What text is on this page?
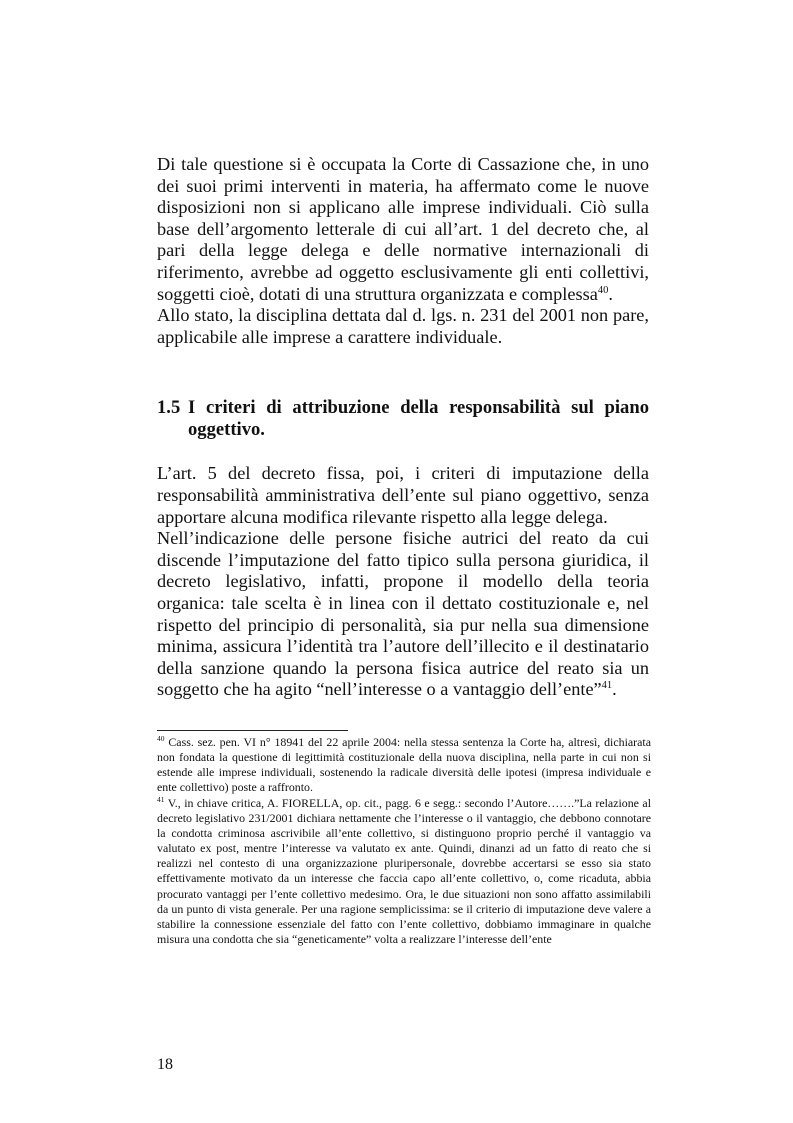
Di tale questione si è occupata la Corte di Cassazione che, in uno dei suoi primi interventi in materia, ha affermato come le nuove disposizioni non si applicano alle imprese individuali. Ciò sulla base dell’argomento letterale di cui all’art. 1 del decreto che, al pari della legge delega e delle normative internazionali di riferimento, avrebbe ad oggetto esclusivamente gli enti collettivi, soggetti cioè, dotati di una struttura organizzata e complessa$^{40}$.

Allo stato, la disciplina dettata dal d. lgs. n. 231 del 2001 non pare, applicabile alle imprese a carattere individuale.

1.5 I criteri di attribuzione della responsabilità sul piano oggettivo.

L’art. 5 del decreto fissa, poi, i criteri di imputazione della responsabilità amministrativa dell’ente sul piano oggettivo, senza apportare alcuna modifica rilevante rispetto alla legge delega.

Nell’indicazione delle persone fisiche autrici del reato da cui discende l’imputazione del fatto tipico sulla persona giuridica, il decreto legislativo, infatti, propone il modello della teoria organica: tale scelta è in linea con il dettato costituzionale e, nel rispetto del principio di personalità, sia pur nella sua dimensione minima, assicura l’identità tra l’autore dell’illecito e il destinatario della sanzione quando la persona fisica autrice del reato sia un soggetto che ha agito “nell’interesse o a vantaggio dell’ente”$^{41}$.

$^{40}$ Cass. sez. pen. VI n° 18941 del 22 aprile 2004: nella stessa sentenza la Corte ha, altresì, dichiarata non fondata la questione di legittimità costituzionale della nuova disciplina, nella parte in cui non si estende alle imprese individuali, sostenendo la radicale diversità delle ipotesi (impresa individuale e ente collettivo) poste a raffronto.

$^{41}$ V., in chiave critica, A. FIORELLA, op. cit., pagg. 6 e segg.: secondo l’Autore…….”La relazione al decreto legislativo 231/2001 dichiara nettamente che l’interesse o il vantaggio, che debbono connotare la condotta criminosa ascrivibile all’ente collettivo, si distinguono proprio perché il vantaggio va valutato ex post, mentre l’interesse va valutato ex ante. Quindi, dinanzi ad un fatto di reato che si realizzi nel contesto di una organizzazione pluripersonale, dovrebbe accertarsi se esso sia stato effettivamente motivato da un interesse che faccia capo all’ente collettivo, o, come ricaduta, abbia procurato vantaggi per l’ente collettivo medesimo. Ora, le due situazioni non sono affatto assimilabili da un punto di vista generale. Per una ragione semplicissima: se il criterio di imputazione deve valere a stabilire la connessione essenziale del fatto con l’ente collettivo, dobbiamo immaginare in qualche misura una condotta che sia “geneticamente” volta a realizzare l’interesse dell’ente

18
